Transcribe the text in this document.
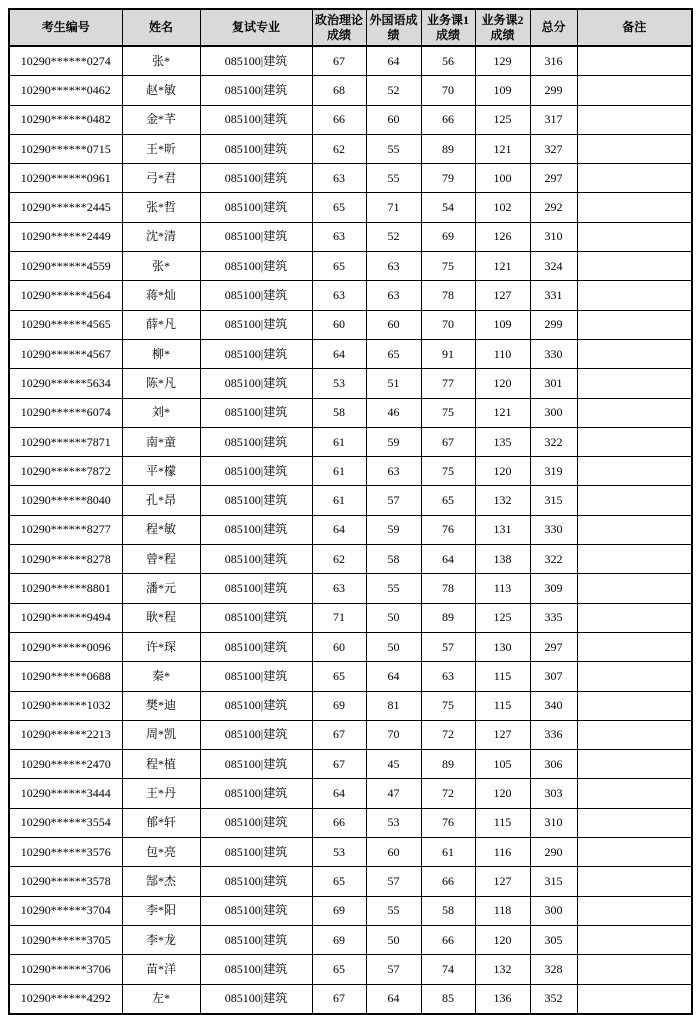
考生编号	姓名	复试专业	政治理论成绩	外国语成绩	业务课1成绩	业务课2成绩	总分	备注
10290******0274	张*	085100|建筑	67	64	56	129	316	
10290******0462	赵*敏	085100|建筑	68	52	70	109	299	
10290******0482	金*芊	085100|建筑	66	60	66	125	317	
10290******0715	王*昕	085100|建筑	62	55	89	121	327	
10290******0961	弓*君	085100|建筑	63	55	79	100	297	
10290******2445	张*哲	085100|建筑	65	71	54	102	292	
10290******2449	沈*清	085100|建筑	63	52	69	126	310	
10290******4559	张*	085100|建筑	65	63	75	121	324	
10290******4564	蒋*灿	085100|建筑	63	63	78	127	331	
10290******4565	薛*凡	085100|建筑	60	60	70	109	299	
10290******4567	柳*	085100|建筑	64	65	91	110	330	
10290******5634	陈*凡	085100|建筑	53	51	77	120	301	
10290******6074	刘*	085100|建筑	58	46	75	121	300	
10290******7871	南*童	085100|建筑	61	59	67	135	322	
10290******7872	平*檬	085100|建筑	61	63	75	120	319	
10290******8040	孔*昂	085100|建筑	61	57	65	132	315	
10290******8277	程*敏	085100|建筑	64	59	76	131	330	
10290******8278	曾*程	085100|建筑	62	58	64	138	322	
10290******8801	潘*元	085100|建筑	63	55	78	113	309	
10290******9494	耿*程	085100|建筑	71	50	89	125	335	
10290******0096	许*琛	085100|建筑	60	50	57	130	297	
10290******0688	秦*	085100|建筑	65	64	63	115	307	
10290******1032	樊*迪	085100|建筑	69	81	75	115	340	
10290******2213	周*凯	085100|建筑	67	70	72	127	336	
10290******2470	程*植	085100|建筑	67	45	89	105	306	
10290******3444	王*丹	085100|建筑	64	47	72	120	303	
10290******3554	郁*轩	085100|建筑	66	53	76	115	310	
10290******3576	包*亮	085100|建筑	53	60	61	116	290	
10290******3578	郜*杰	085100|建筑	65	57	66	127	315	
10290******3704	李*阳	085100|建筑	69	55	58	118	300	
10290******3705	李*龙	085100|建筑	69	50	66	120	305	
10290******3706	苗*洋	085100|建筑	65	57	74	132	328	
10290******4292	左*	085100|建筑	67	64	85	136	352	
